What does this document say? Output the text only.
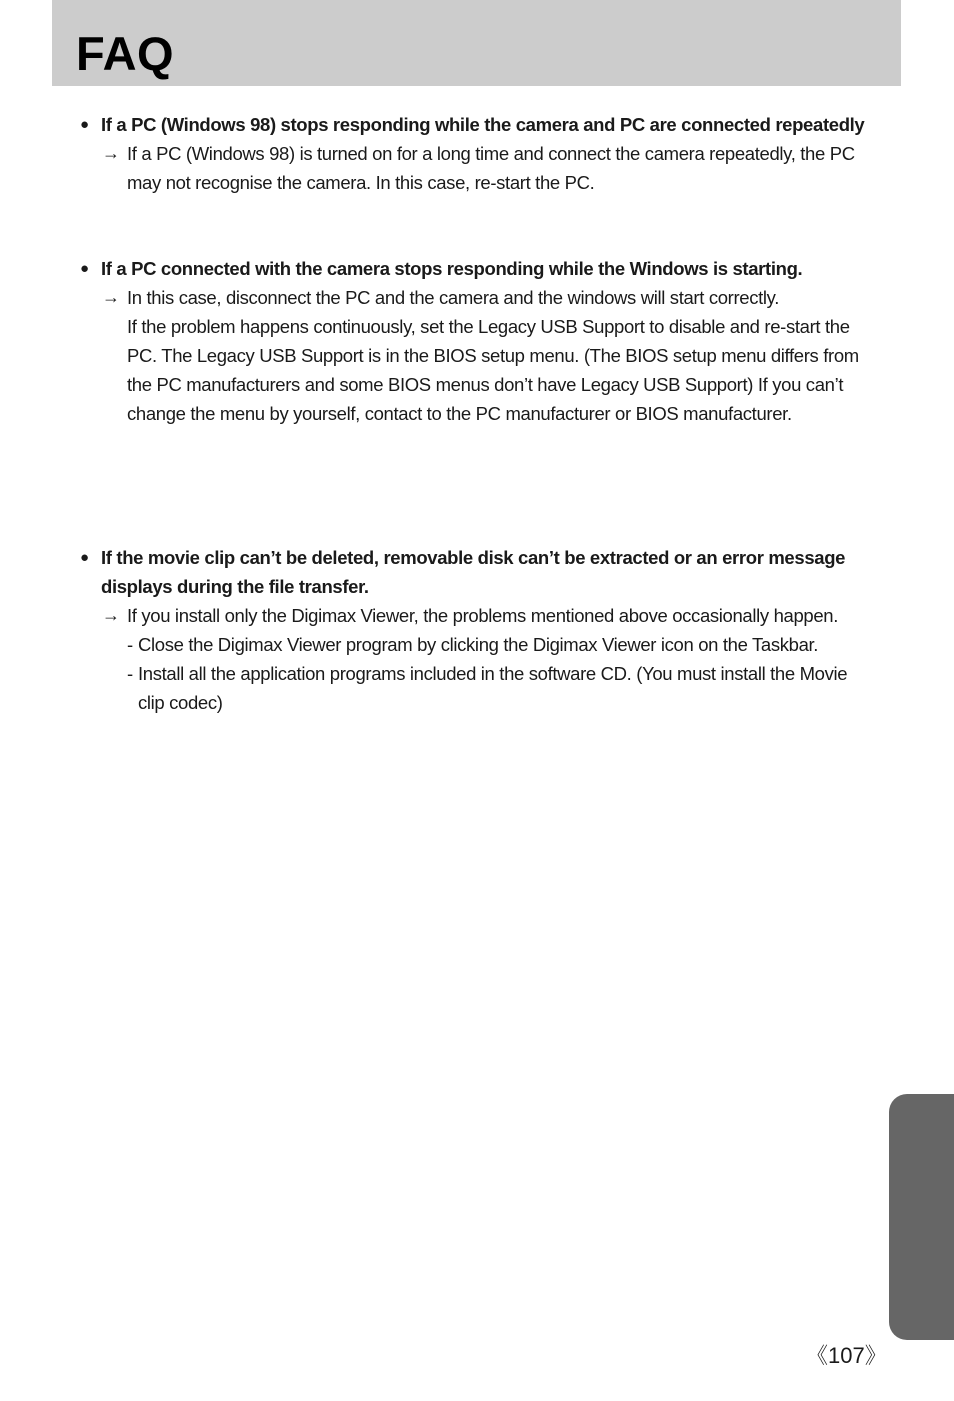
FAQ
● If a PC (Windows 98) stops responding while the camera and PC are connected repeatedly
→ If a PC (Windows 98) is turned on for a long time and connect the camera repeatedly, the PC may not recognise the camera. In this case, re-start the PC.
● If a PC connected with the camera stops responding while the Windows is starting.
→ In this case, disconnect the PC and the camera and the windows will start correctly.
If the problem happens continuously, set the Legacy USB Support to disable and re-start the PC. The Legacy USB Support is in the BIOS setup menu. (The BIOS setup menu differs from the PC manufacturers and some BIOS menus don’t have Legacy USB Support) If you can’t change the menu by yourself, contact to the PC manufacturer or BIOS manufacturer.
● If the movie clip can’t be deleted, removable disk can’t be extracted or an error message displays during the file transfer.
→ If you install only the Digimax Viewer, the problems mentioned above occasionally happen.
- Close the Digimax Viewer program by clicking the Digimax Viewer icon on the Taskbar.
- Install all the application programs included in the software CD. (You must install the Movie clip codec)
《107》
